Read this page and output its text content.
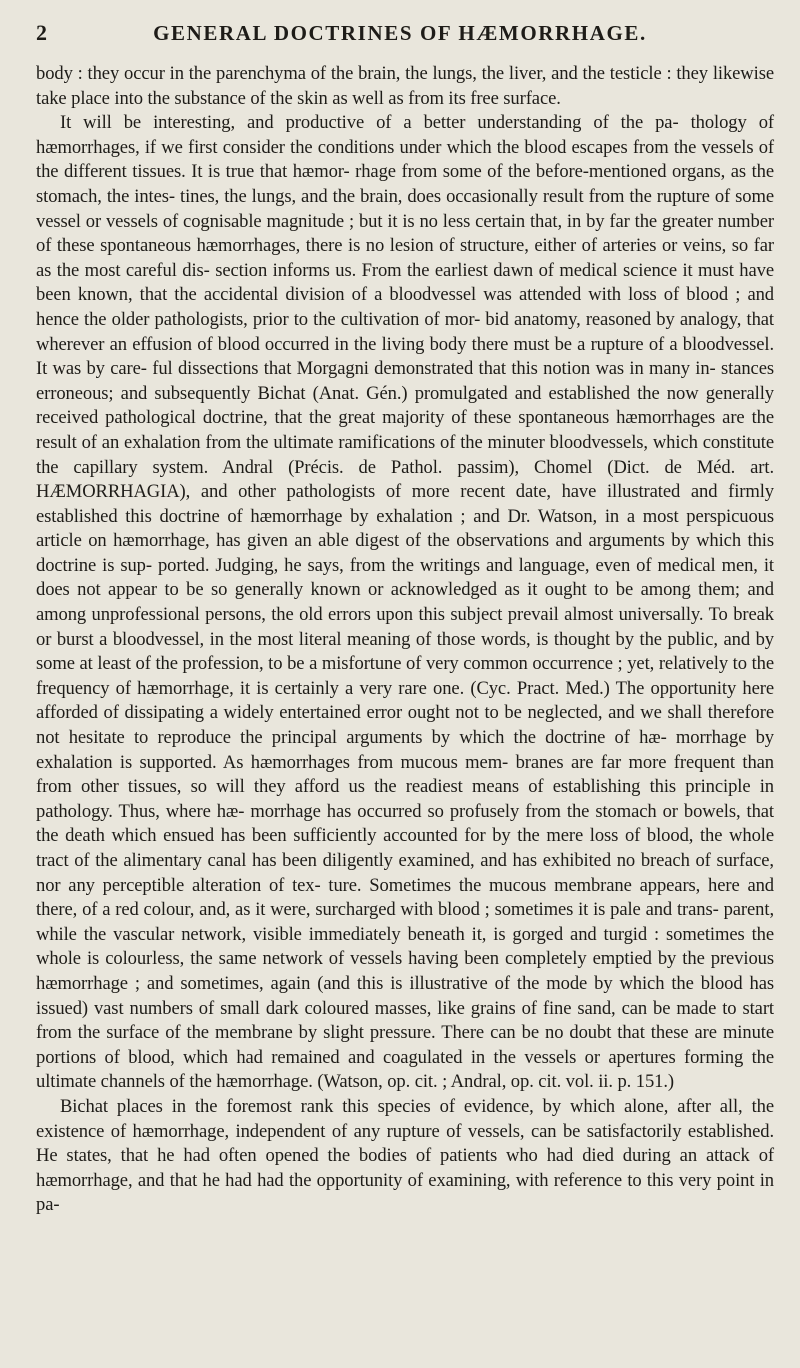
2	GENERAL DOCTRINES OF HÆMORRHAGE.

body : they occur in the parenchyma of the brain, the lungs, the liver, and the testicle : they likewise take place into the substance of the skin as well as from its free surface.

It will be interesting, and productive of a better understanding of the pa- thology of hæmorrhages, if we first consider the conditions under which the blood escapes from the vessels of the different tissues. It is true that hæmor- rhage from some of the before-mentioned organs, as the stomach, the intes- tines, the lungs, and the brain, does occasionally result from the rupture of some vessel or vessels of cognisable magnitude ; but it is no less certain that, in by far the greater number of these spontaneous hæmorrhages, there is no lesion of structure, either of arteries or veins, so far as the most careful dis- section informs us. From the earliest dawn of medical science it must have been known, that the accidental division of a bloodvessel was attended with loss of blood ; and hence the older pathologists, prior to the cultivation of mor- bid anatomy, reasoned by analogy, that wherever an effusion of blood occurred in the living body there must be a rupture of a bloodvessel. It was by care- ful dissections that Morgagni demonstrated that this notion was in many in- stances erroneous; and subsequently Bichat (Anat. Gén.) promulgated and established the now generally received pathological doctrine, that the great majority of these spontaneous hæmorrhages are the result of an exhalation from the ultimate ramifications of the minuter bloodvessels, which constitute the capillary system. Andral (Précis. de Pathol. passim), Chomel (Dict. de Méd. art. HÆMORRHAGIA), and other pathologists of more recent date, have illustrated and firmly established this doctrine of hæmorrhage by exhalation ; and Dr. Watson, in a most perspicuous article on hæmorrhage, has given an able digest of the observations and arguments by which this doctrine is sup- ported. Judging, he says, from the writings and language, even of medical men, it does not appear to be so generally known or acknowledged as it ought to be among them; and among unprofessional persons, the old errors upon this subject prevail almost universally. To break or burst a bloodvessel, in the most literal meaning of those words, is thought by the public, and by some at least of the profession, to be a misfortune of very common occurrence ; yet, relatively to the frequency of hæmorrhage, it is certainly a very rare one. (Cyc. Pract. Med.) The opportunity here afforded of dissipating a widely entertained error ought not to be neglected, and we shall therefore not hesitate to reproduce the principal arguments by which the doctrine of hæ- morrhage by exhalation is supported. As hæmorrhages from mucous mem- branes are far more frequent than from other tissues, so will they afford us the readiest means of establishing this principle in pathology. Thus, where hæ- morrhage has occurred so profusely from the stomach or bowels, that the death which ensued has been sufficiently accounted for by the mere loss of blood, the whole tract of the alimentary canal has been diligently examined, and has exhibited no breach of surface, nor any perceptible alteration of tex- ture. Sometimes the mucous membrane appears, here and there, of a red colour, and, as it were, surcharged with blood ; sometimes it is pale and trans- parent, while the vascular network, visible immediately beneath it, is gorged and turgid : sometimes the whole is colourless, the same network of vessels having been completely emptied by the previous hæmorrhage ; and sometimes, again (and this is illustrative of the mode by which the blood has issued) vast numbers of small dark coloured masses, like grains of fine sand, can be made to start from the surface of the membrane by slight pressure. There can be no doubt that these are minute portions of blood, which had remained and coagulated in the vessels or apertures forming the ultimate channels of the hæmorrhage. (Watson, op. cit. ; Andral, op. cit. vol. ii. p. 151.)

Bichat places in the foremost rank this species of evidence, by which alone, after all, the existence of hæmorrhage, independent of any rupture of vessels, can be satisfactorily established. He states, that he had often opened the bodies of patients who had died during an attack of hæmorrhage, and that he had had the opportunity of examining, with reference to this very point in pa-
